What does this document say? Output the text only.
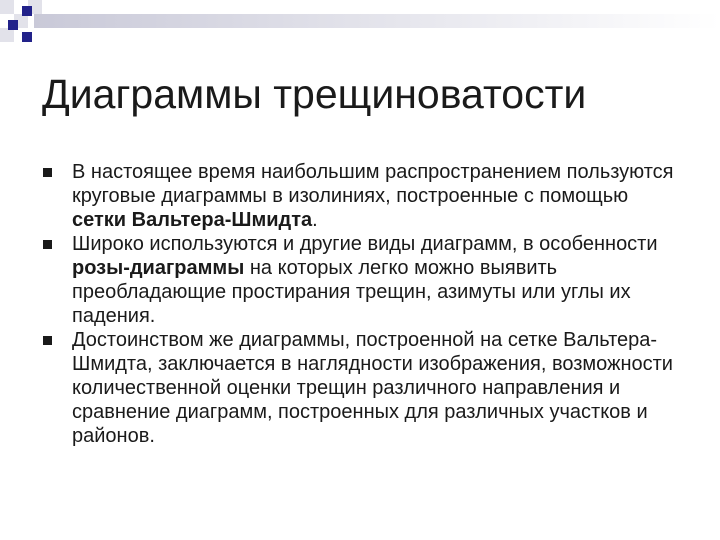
Диаграммы трещиноватости
В настоящее время наибольшим распространением пользуются круговые диаграммы в изолиниях, построенные с помощью сетки Вальтера-Шмидта.
Широко используются и другие виды диаграмм, в особенности розы-диаграммы на которых легко можно выявить преобладающие простирания трещин, азимуты или углы их падения.
Достоинством же диаграммы, построенной на сетке Вальтера-Шмидта, заключается в наглядности изображения, возможности количественной оценки трещин различного направления и сравнение диаграмм, построенных для различных участков и районов.
